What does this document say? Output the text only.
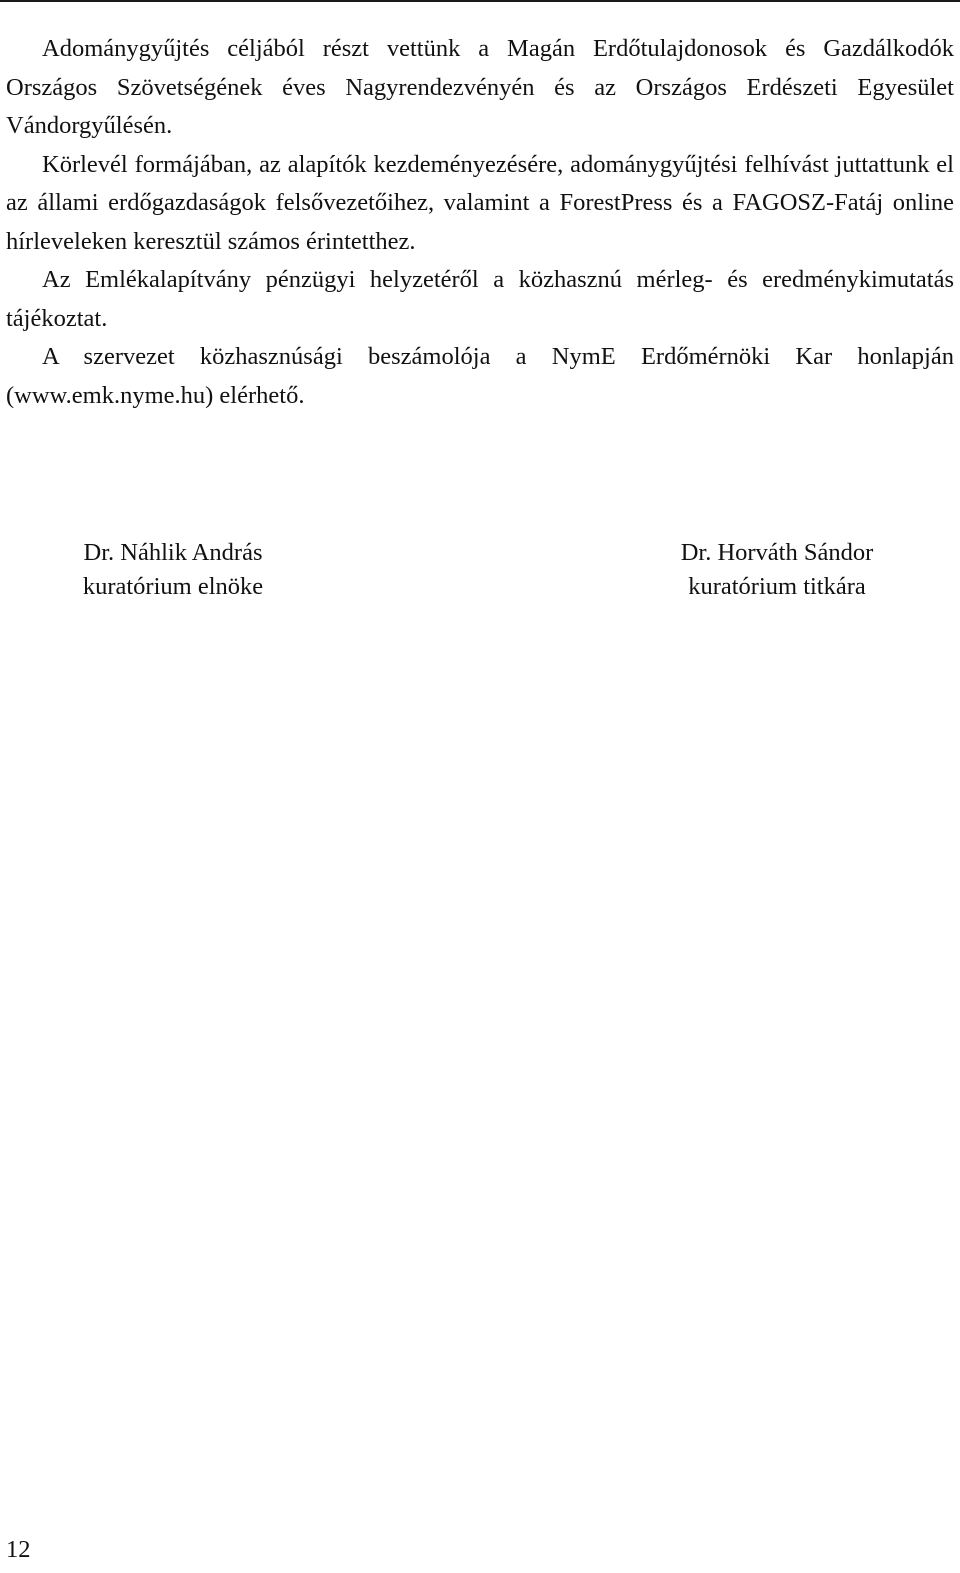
Adománygyűjtés céljából részt vettünk a Magán Erdőtulajdonosok és Gazdálkodók Országos Szövetségének éves Nagyrendezvényén és az Országos Erdészeti Egyesület Vándorgyűlésén.

Körlevél formájában, az alapítók kezdeményezésére, adománygyűjtési felhívást juttattunk el az állami erdőgazdaságok felsővezetőihez, valamint a ForestPress és a FAGOSZ-Fatáj online hírleveleken keresztül számos érintetthez.

Az Emlékalapítvány pénzügyi helyzetéről a közhasznú mérleg- és eredménykimutatás tájékoztat.

A szervezet közhasznúsági beszámolója a NymE Erdőmérnöki Kar honlapján (www.emk.nyme.hu) elérhető.

Dr. Náhlik András
kuratórium elnöke
Dr. Horváth Sándor
kuratórium titkára
12
